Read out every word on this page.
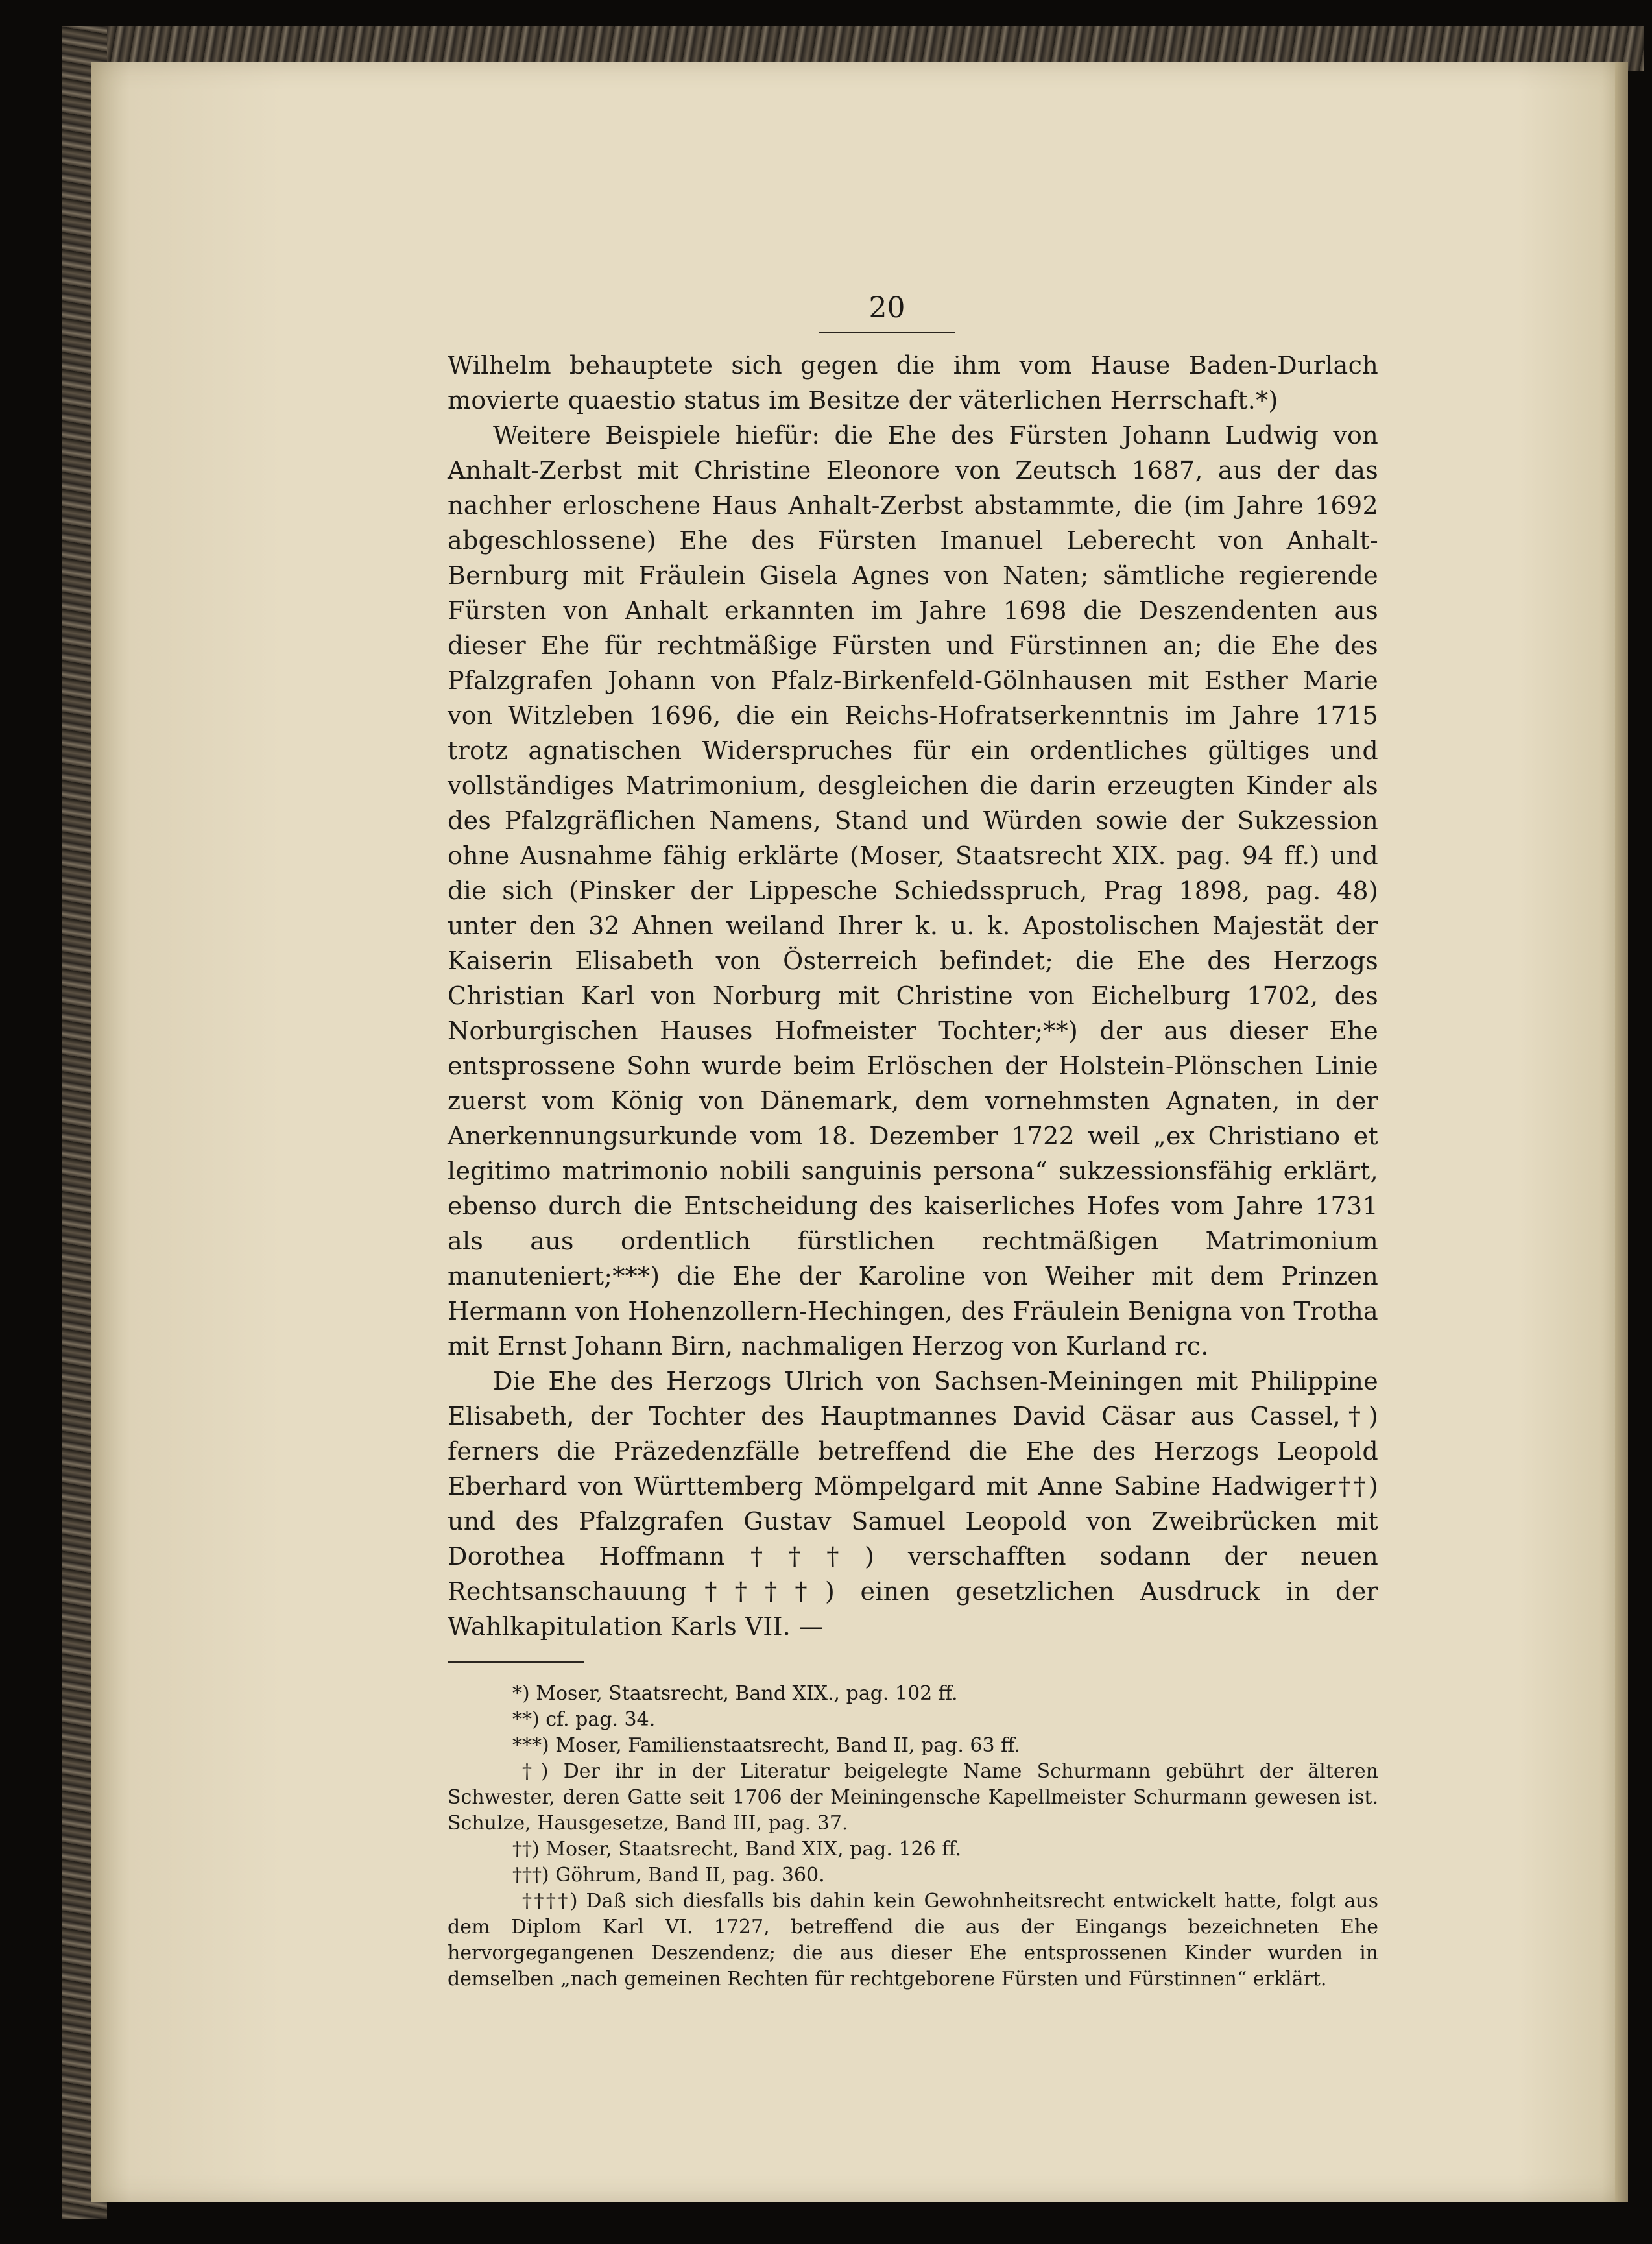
20

Wilhelm behauptete sich gegen die ihm vom Hause Baden-Durlach movierte quaestio status im Besitze der väterlichen Herrschaft.*)

Weitere Beispiele hiefür: die Ehe des Fürsten Johann Ludwig von Anhalt-Zerbst mit Christine Eleonore von Zeutsch 1687, aus der das nachher erloschene Haus Anhalt-Zerbst abstammte, die (im Jahre 1692 abgeschlossene) Ehe des Fürsten Imanuel Leberecht von Anhalt-Bernburg mit Fräulein Gisela Agnes von Naten; sämtliche regierende Fürsten von Anhalt erkannten im Jahre 1698 die Deszendenten aus dieser Ehe für rechtmäßige Fürsten und Fürstinnen an; die Ehe des Pfalzgrafen Johann von Pfalz-Birkenfeld-Gölnhausen mit Esther Marie von Witzleben 1696, die ein Reichs-Hofratserkenntnis im Jahre 1715 trotz agnatischen Widerspruches für ein ordentliches gültiges und vollständiges Matrimonium, desgleichen die darin erzeugten Kinder als des Pfalzgräflichen Namens, Stand und Würden sowie der Sukzession ohne Ausnahme fähig erklärte (Moser, Staatsrecht XIX. pag. 94 ff.) und die sich (Pinsker der Lippesche Schiedsspruch, Prag 1898, pag. 48) unter den 32 Ahnen weiland Ihrer k. u. k. Apostolischen Majestät der Kaiserin Elisabeth von Österreich befindet; die Ehe des Herzogs Christian Karl von Norburg mit Christine von Eichelburg 1702, des Norburgischen Hauses Hofmeister Tochter;**) der aus dieser Ehe entsprossene Sohn wurde beim Erlöschen der Holstein-Plönschen Linie zuerst vom König von Dänemark, dem vornehmsten Agnaten, in der Anerkennungsurkunde vom 18. Dezember 1722 weil „ex Christiano et legitimo matrimonio nobili sanguinis persona“ sukzessionsfähig erklärt, ebenso durch die Entscheidung des kaiserliches Hofes vom Jahre 1731 als aus ordentlich fürstlichen rechtmäßigen Matrimonium manuteniert;***) die Ehe der Karoline von Weiher mit dem Prinzen Hermann von Hohenzollern-Hechingen, des Fräulein Benigna von Trotha mit Ernst Johann Birn, nachmaligen Herzog von Kurland rc.

Die Ehe des Herzogs Ulrich von Sachsen-Meiningen mit Philippine Elisabeth, der Tochter des Hauptmannes David Cäsar aus Cassel,†) ferners die Präzedenzfälle betreffend die Ehe des Herzogs Leopold Eberhard von Württemberg Mömpelgard mit Anne Sabine Hadwiger††) und des Pfalzgrafen Gustav Samuel Leopold von Zweibrücken mit Dorothea Hoffmann†††) verschafften sodann der neuen Rechtsanschauung††††) einen gesetzlichen Ausdruck in der Wahlkapitulation Karls VII. —

*) Moser, Staatsrecht, Band XIX., pag. 102 ff.

**) cf. pag. 34.

***) Moser, Familienstaatsrecht, Band II, pag. 63 ff.

†) Der ihr in der Literatur beigelegte Name Schurmann gebührt der älteren Schwester, deren Gatte seit 1706 der Meiningensche Kapellmeister Schurmann gewesen ist. Schulze, Hausgesetze, Band III, pag. 37.

††) Moser, Staatsrecht, Band XIX, pag. 126 ff.

†††) Göhrum, Band II, pag. 360.

††††) Daß sich diesfalls bis dahin kein Gewohnheitsrecht entwickelt hatte, folgt aus dem Diplom Karl VI. 1727, betreffend die aus der Eingangs bezeichneten Ehe hervorgegangenen Deszendenz; die aus dieser Ehe entsprossenen Kinder wurden in demselben „nach gemeinen Rechten für rechtgeborene Fürsten und Fürstinnen“ erklärt.
